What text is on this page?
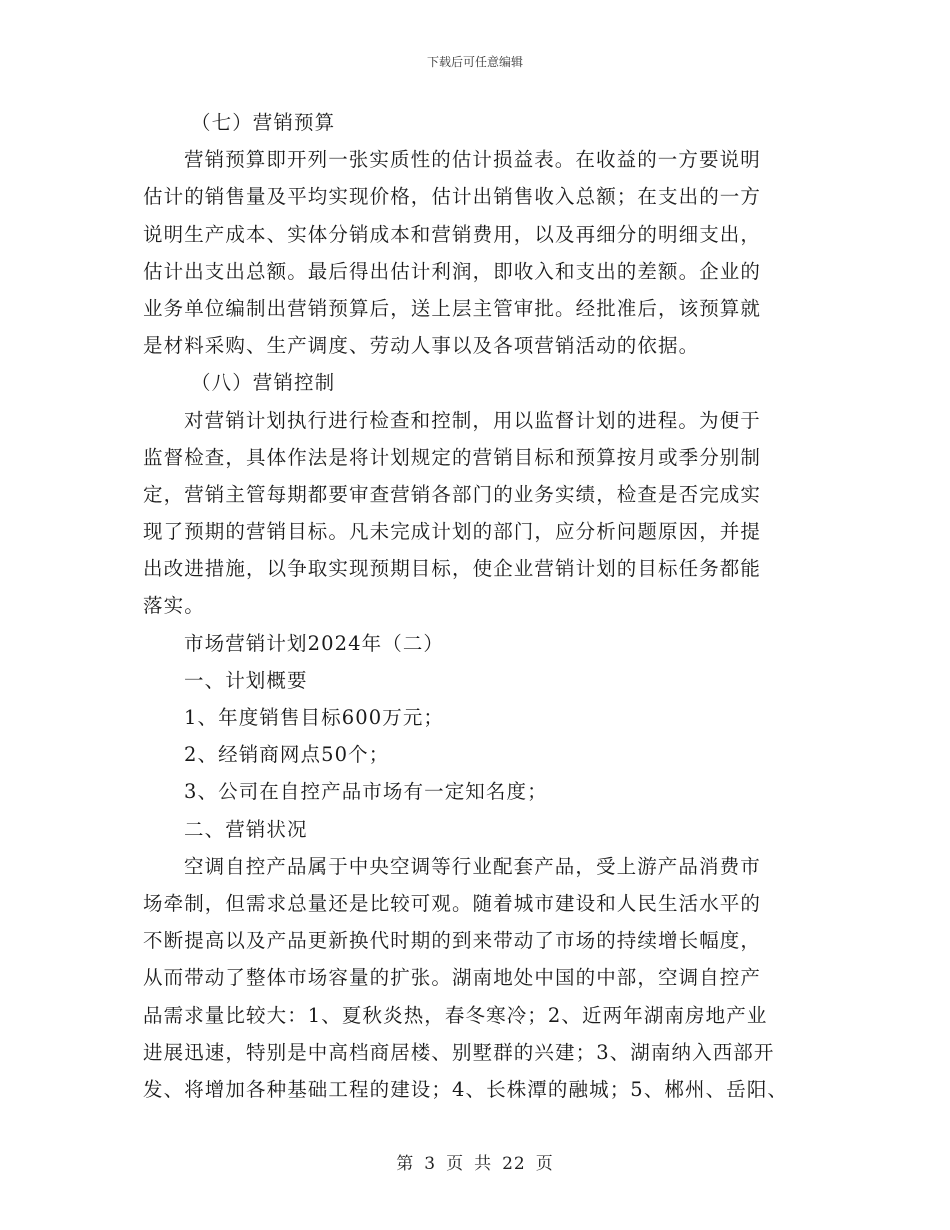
下载后可任意编辑
（七）营销预算
营销预算即开列一张实质性的估计损益表。在收益的一方要说明
估计的销售量及平均实现价格，估计出销售收入总额；在支出的一方
说明生产成本、实体分销成本和营销费用，以及再细分的明细支出，
估计出支出总额。最后得出估计利润，即收入和支出的差额。企业的
业务单位编制出营销预算后，送上层主管审批。经批准后，该预算就
是材料采购、生产调度、劳动人事以及各项营销活动的依据。
（八）营销控制
对营销计划执行进行检查和控制，用以监督计划的进程。为便于
监督检查，具体作法是将计划规定的营销目标和预算按月或季分别制
定，营销主管每期都要审查营销各部门的业务实绩，检查是否完成实
现了预期的营销目标。凡未完成计划的部门，应分析问题原因，并提
出改进措施，以争取实现预期目标，使企业营销计划的目标任务都能
落实。
市场营销计划2024年（二）
一、计划概要
1、年度销售目标600万元；
2、经销商网点50个；
3、公司在自控产品市场有一定知名度；
二、营销状况
空调自控产品属于中央空调等行业配套产品，受上游产品消费市
场牵制，但需求总量还是比较可观。随着城市建设和人民生活水平的
不断提高以及产品更新换代时期的到来带动了市场的持续增长幅度，
从而带动了整体市场容量的扩张。湖南地处中国的中部，空调自控产
品需求量比较大：1、夏秋炎热，春冬寒冷；2、近两年湖南房地产业
进展迅速，特别是中高档商居楼、别墅群的兴建；3、湖南纳入西部开
发、将增加各种基础工程的建设；4、长株潭的融城；5、郴州、岳阳、
第 3 页 共 22 页
